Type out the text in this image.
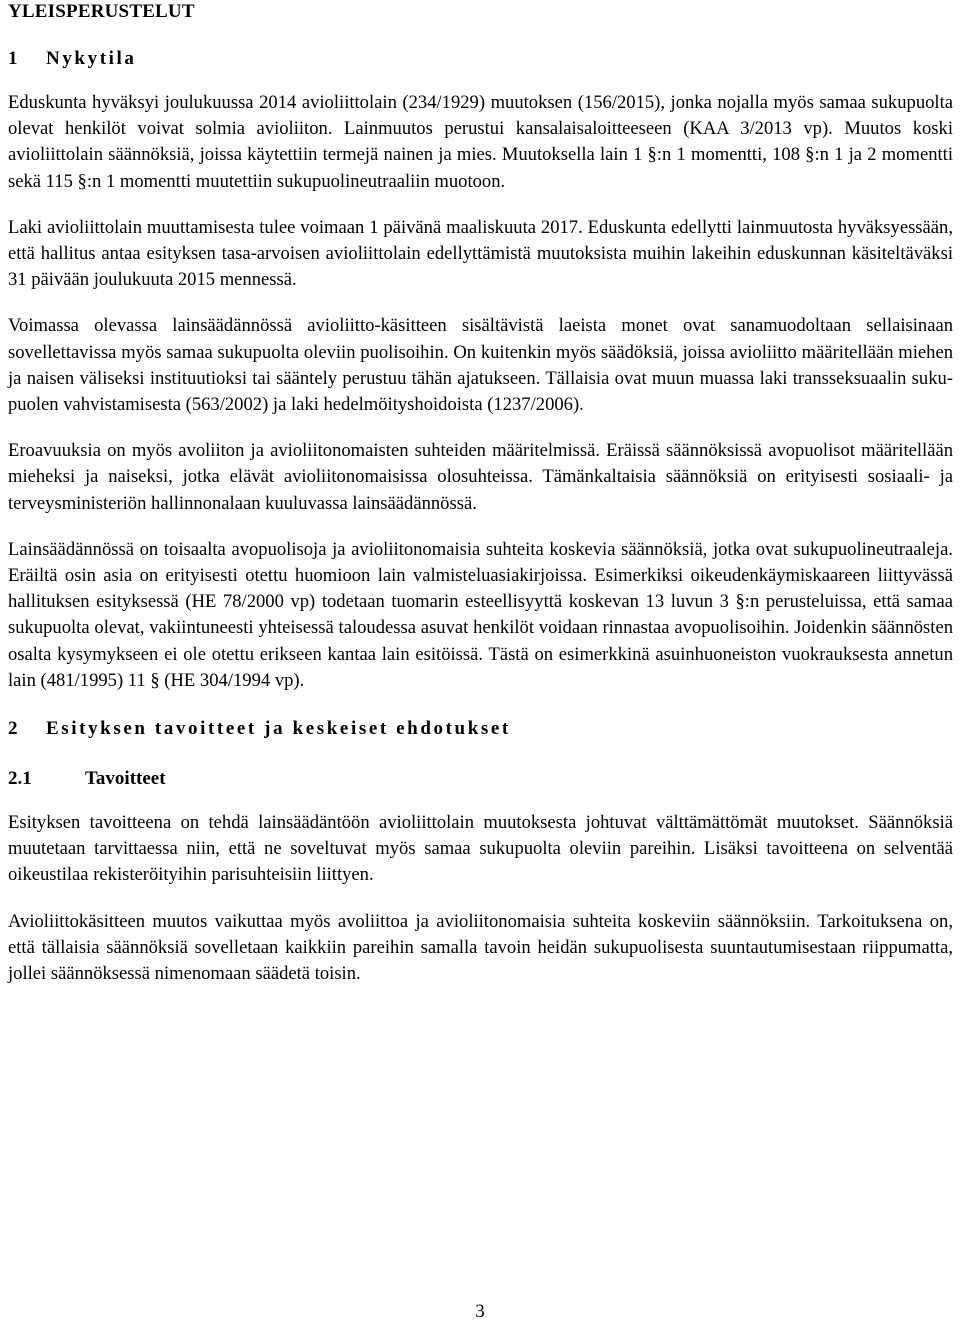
YLEISPERUSTELUT
1 Nykytila

Eduskunta hyväksyi joulukuussa 2014 avioliittolain (234/1929) muutoksen (156/2015), jonka nojalla myös samaa sukupuolta olevat henkilöt voivat solmia avioliiton. Lainmuutos perustui kansalaisaloitteeseen (KAA 3/2013 vp). Muutos koski avioliittolain säännöksiä, joissa käytettiin termejä nainen ja mies. Muutoksella lain 1 §:n 1 momentti, 108 §:n 1 ja 2 momentti sekä 115 §:n 1 momentti muutettiin sukupuolineutraaliin muotoon.

Laki avioliittolain muuttamisesta tulee voimaan 1 päivänä maaliskuuta 2017. Eduskunta edellytti lainmuutosta hyväksyessään, että hallitus antaa esityksen tasa-arvoisen avioliittolain edellyttämistä muutoksista muihin lakeihin eduskunnan käsiteltäväksi 31 päivään joulukuuta 2015 mennessä.

Voimassa olevassa lainsäädännössä avioliitto-käsitteen sisältävistä laeista monet ovat sanamuodoltaan sellaisinaan sovellettavissa myös samaa sukupuolta oleviin puolisoihin. On kuitenkin myös säädöksiä, joissa avioliitto määritellään miehen ja naisen väliseksi instituutioksi tai sääntely perustuu tähän ajatukseen. Tällaisia ovat muun muassa laki transseksuaalin sukupuolen vahvistamisesta (563/2002) ja laki hedelmöityshoidoista (1237/2006).

Eroavuuksia on myös avoliiton ja avioliitonomaisten suhteiden määritelmissä. Eräissä säännöksissä avopuolisot määritellään mieheksi ja naiseksi, jotka elävät avioliitonomaisissa olosuhteissa. Tämänkaltaisia säännöksiä on erityisesti sosiaali- ja terveysministeriön hallinnonalaan kuuluvassa lainsäädännössä.

Lainsäädännössä on toisaalta avopuolisoja ja avioliitonomaisia suhteita koskevia säännöksiä, jotka ovat sukupuolineutraaleja. Eräiltä osin asia on erityisesti otettu huomioon lain valmisteluasiakirjoissa. Esimerkiksi oikeudenkäymiskaareen liittyvässä hallituksen esityksessä (HE 78/2000 vp) todetaan tuomarin esteellisyyttä koskevan 13 luvun 3 §:n perusteluissa, että samaa sukupuolta olevat, vakiintuneesti yhteisessä taloudessa asuvat henkilöt voidaan rinnastaa avopuolisoihin. Joidenkin säännösten osalta kysymykseen ei ole otettu erikseen kantaa lain esitöissä. Tästä on esimerkkinä asuinhuoneiston vuokrauksesta annetun lain (481/1995) 11 § (HE 304/1994 vp).

2 Esityksen tavoitteet ja keskeiset ehdotukset
2.1	Tavoitteet

Esityksen tavoitteena on tehdä lainsäädäntöön avioliittolain muutoksesta johtuvat välttämättömät muutokset. Säännöksiä muutetaan tarvittaessa niin, että ne soveltuvat myös samaa sukupuolta oleviin pareihin. Lisäksi tavoitteena on selventää oikeustilaa rekisteröityihin parisuhteisiin liittyen.

Avioliittokäsitteen muutos vaikuttaa myös avoliittoa ja avioliitonomaisia suhteita koskeviin säännöksiin. Tarkoituksena on, että tällaisia säännöksiä sovelletaan kaikkiin pareihin samalla tavoin heidän sukupuolisesta suuntautumisestaan riippumatta, jollei säännöksessä nimenomaan säädetä toisin.

3
